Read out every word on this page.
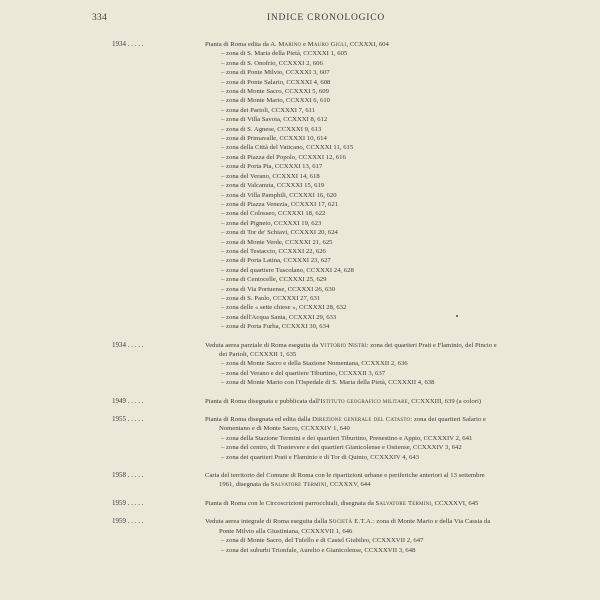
334	INDICE CRONOLOGICO
1934 . . . . .	Pianta di Roma edita da A. Marino e Mauro Gigli, CCXXXI, 604
– zona di S. Maria della Pietà, CCXXXI 1, 605
– zona di S. Onofrio, CCXXXI 2, 606
– zona di Ponte Milvio, CCXXXI 3, 607
– zona di Ponte Salario, CCXXXI 4, 608
– zona di Monte Sacro, CCXXXI 5, 609
– zona di Monte Mario, CCXXXI 6, 610
– zona dei Parioli, CCXXXI 7, 611
– zona di Villa Savoia, CCXXXI 8, 612
– zona di S. Agnese, CCXXXI 9, 613
– zona di Primavalle, CCXXXI 10, 614
– zona della Città del Vaticano, CCXXXI 11, 615
– zona di Piazza del Popolo, CCXXXI 12, 616
– zona di Porta Pia, CCXXXI 13, 617
– zona del Verano, CCXXXI 14, 618
– zona di Valcanuta, CCXXXI 15, 619
– zona di Villa Pamphili, CCXXXI 16, 620
– zona di Piazza Venezia, CCXXXI 17, 621
– zona del Colosseo, CCXXXI 18, 622
– zona del Pigneto, CCXXXI 19, 623
– zona di Tor de' Schiavi, CCXXXI 20, 624
– zona di Monte Verde, CCXXXI 21, 625
– zona del Testaccio, CCXXXI 22, 626
– zona di Porta Latina, CCXXXI 23, 627
– zona del quartiere Tuscolano, CCXXXI 24, 628
– zona di Centocelle, CCXXXI 25, 629
– zona di Via Portuense, CCXXXI 26, 630
– zona di S. Paolo, CCXXXI 27, 631
– zona delle « sette chiese », CCXXXI 28, 632
– zona dell'Acqua Santa, CCXXXI 29, 633
– zona di Porta Furba, CCXXXI 30, 634
1934 . . . . .	Veduta aerea parziale di Roma eseguita da Vittorio Nistri: zona dei quartieri Prati e Flaminio, del Pincio e dei Parioli, CCXXXII 1, 635
– zona di Monte Sacro e della Stazione Nomentana, CCXXXII 2, 636
– zona del Verano e del quartiere Tiburtino, CCXXXII 3, 637
– zona di Monte Mario con l'Ospedale di S. Maria della Pietà, CCXXXII 4, 638
1949 . . . . .	Pianta di Roma disegnata e pubblicata dall'Istituto geografico militare, CCXXXIII, 639 (a colori)
1955 . . . . .	Pianta di Roma disegnata ed edita dalla Direzione generale del Catasto: zona dei quartieri Salario e Nomentano e di Monte Sacro, CCXXXIV 1, 640
– zona della Stazione Termini e dei quartieri Tiburtino, Prenestino e Appio, CCXXXIV 2, 641
– zona del centro, di Trastevere e dei quartieri Gianicolense e Ostiense, CCXXXIV 3, 642
– zona dei quartieri Prati e Flaminio e di Tor di Quinto, CCXXXIV 4, 643
1958 . . . . .	Carta del territorio del Comune di Roma con le ripartizioni urbane e periferiche anteriori al 13 settembre 1961, disegnata da Salvatore Termini, CCXXXV, 644
1959 . . . . .	Pianta di Roma con le Circoscrizioni parrocchiali, disegnata da Salvatore Termini, CCXXXVI, 645
1959 . . . . .	Veduta aerea integrale di Roma eseguita dalla Società E.T.A.: zona di Monte Mario e della Via Cassia da Ponte Milvio alla Giustiniana, CCXXXVII 1, 646
– zona di Monte Sacro, del Tufello e di Castel Giubileo, CCXXXVII 2, 647
– zona dei suburbi Trionfale, Aurelio e Gianicolense, CCXXXVII 3, 648
